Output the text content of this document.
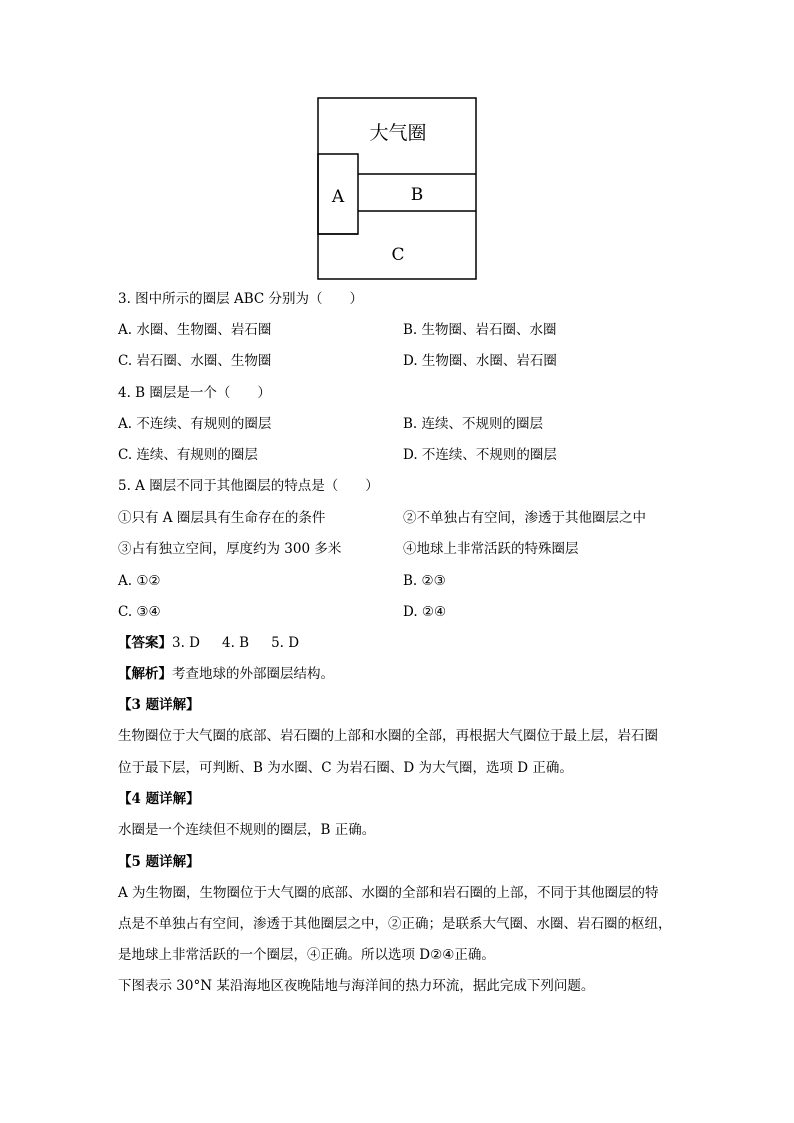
大气圈
A	B
C
3. 图中所示的圈层 ABC 分别为（　　）
A. 水圈、生物圈、岩石圈	B. 生物圈、岩石圈、水圈
C. 岩石圈、水圈、生物圈	D. 生物圈、水圈、岩石圈
4. B 圈层是一个（　　）
A. 不连续、有规则的圈层	B. 连续、不规则的圈层
C. 连续、有规则的圈层	D. 不连续、不规则的圈层
5. A 圈层不同于其他圈层的特点是（　　）
①只有 A 圈层具有生命存在的条件	②不单独占有空间，渗透于其他圈层之中
③占有独立空间，厚度约为 300 多米	④地球上非常活跃的特殊圈层
A. ①②	B. ②③
C. ③④	D. ②④
【答案】3. D 4. B 5. D
【解析】考查地球的外部圈层结构。
【3 题详解】
生物圈位于大气圈的底部、岩石圈的上部和水圈的全部，再根据大气圈位于最上层，岩石圈
位于最下层，可判断、B 为水圈、C 为岩石圈、D 为大气圈，选项 D 正确。
【4 题详解】
水圈是一个连续但不规则的圈层，B 正确。
【5 题详解】
A 为生物圈，生物圈位于大气圈的底部、水圈的全部和岩石圈的上部，不同于其他圈层的特
点是不单独占有空间，渗透于其他圈层之中，②正确；是联系大气圈、水圈、岩石圈的枢纽，
是地球上非常活跃的一个圈层，④正确。所以选项 D②④正确。
下图表示 30°N 某沿海地区夜晚陆地与海洋间的热力环流，据此完成下列问题。
